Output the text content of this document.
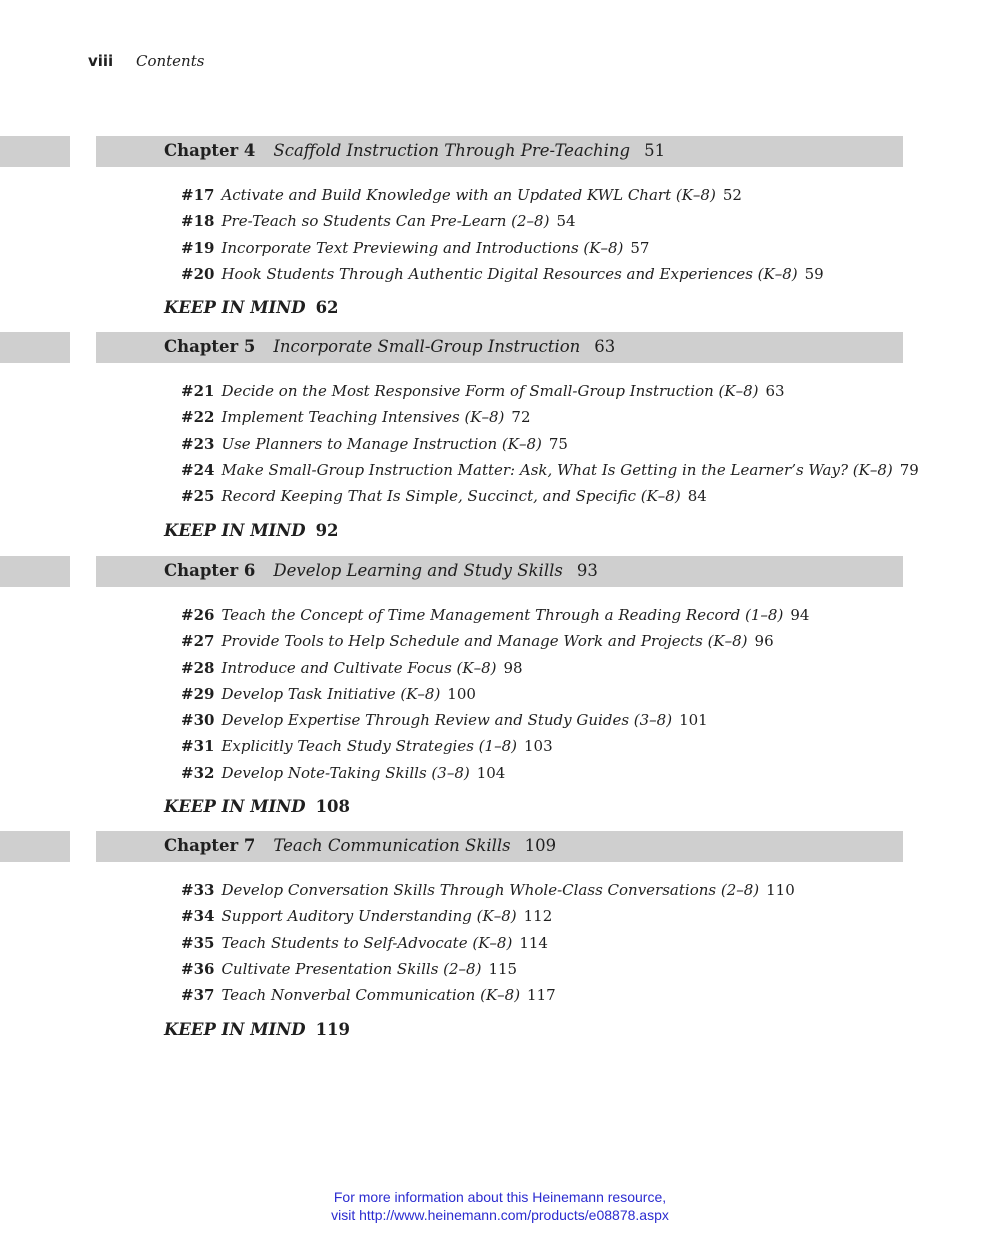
viii Contents
Chapter 4 Scaffold Instruction Through Pre-Teaching 51
#17 Activate and Build Knowledge with an Updated KWL Chart (K–8) 52
#18 Pre-Teach so Students Can Pre-Learn (2–8) 54
#19 Incorporate Text Previewing and Introductions (K–8) 57
#20 Hook Students Through Authentic Digital Resources and Experiences (K–8) 59
KEEP IN MIND 62
Chapter 5 Incorporate Small-Group Instruction 63
#21 Decide on the Most Responsive Form of Small-Group Instruction (K–8) 63
#22 Implement Teaching Intensives (K–8) 72
#23 Use Planners to Manage Instruction (K–8) 75
#24 Make Small-Group Instruction Matter: Ask, What Is Getting in the Learner’s Way? (K–8) 79
#25 Record Keeping That Is Simple, Succinct, and Specific (K–8) 84
KEEP IN MIND 92
Chapter 6 Develop Learning and Study Skills 93
#26 Teach the Concept of Time Management Through a Reading Record (1–8) 94
#27 Provide Tools to Help Schedule and Manage Work and Projects (K–8) 96
#28 Introduce and Cultivate Focus (K–8) 98
#29 Develop Task Initiative (K–8) 100
#30 Develop Expertise Through Review and Study Guides (3–8) 101
#31 Explicitly Teach Study Strategies (1–8) 103
#32 Develop Note-Taking Skills (3–8) 104
KEEP IN MIND 108
Chapter 7 Teach Communication Skills 109
#33 Develop Conversation Skills Through Whole-Class Conversations (2–8) 110
#34 Support Auditory Understanding (K–8) 112
#35 Teach Students to Self-Advocate (K–8) 114
#36 Cultivate Presentation Skills (2–8) 115
#37 Teach Nonverbal Communication (K–8) 117
KEEP IN MIND 119
For more information about this Heinemann resource,
visit http://www.heinemann.com/products/e08878.aspx
